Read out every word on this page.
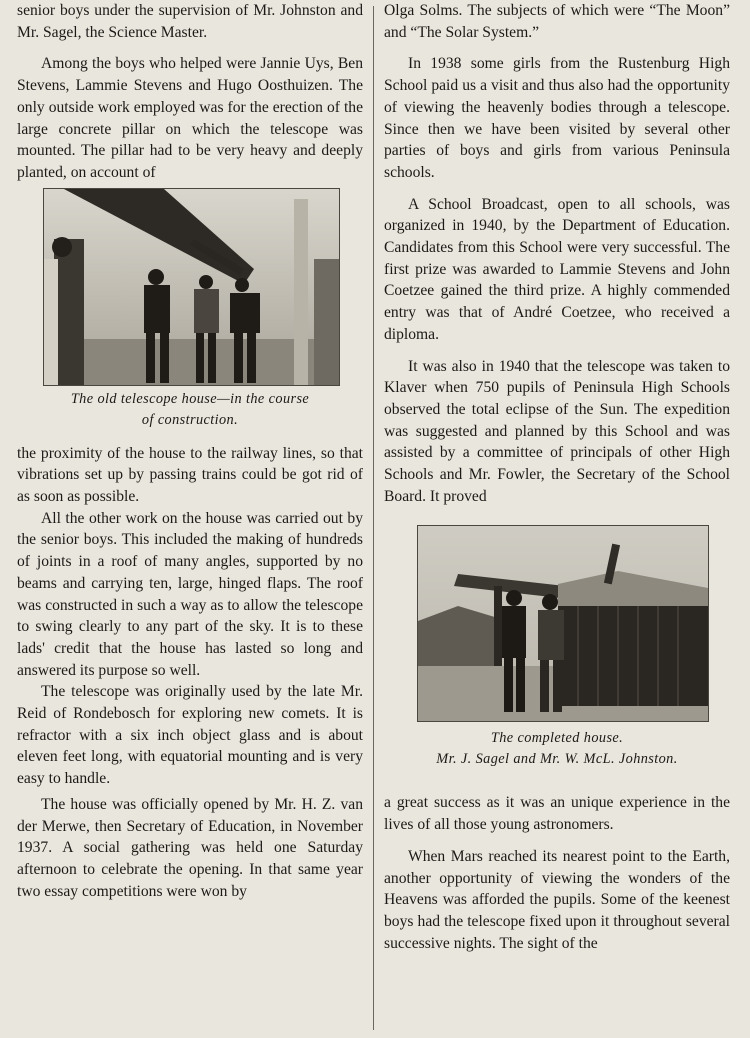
senior boys under the supervision of Mr. Johnston and Mr. Sagel, the Science Master.

Among the boys who helped were Jannie Uys, Ben Stevens, Lammie Stevens and Hugo Oosthuizen. The only outside work employed was for the erection of the large concrete pillar on which the telescope was mounted. The pillar had to be very heavy and deeply planted, on account of

The old telescope house—in the course

of construction.

the proximity of the house to the railway lines, so that vibrations set up by passing trains could be got rid of as soon as possible.

All the other work on the house was carried out by the senior boys. This included the making of hundreds of joints in a roof of many angles, supported by no beams and carrying ten, large, hinged flaps. The roof was constructed in such a way as to allow the telescope to swing clearly to any part of the sky. It is to these lads' credit that the house has lasted so long and answered its purpose so well.

The telescope was originally used by the late Mr. Reid of Rondebosch for exploring new comets. It is refractor with a six inch object glass and is about eleven feet long, with equatorial mounting and is very easy to handle.

The house was officially opened by Mr. H. Z. van der Merwe, then Secretary of Education, in November 1937. A social gathering was held one Saturday afternoon to celebrate the opening. In that same year two essay competitions were won by

Olga Solms. The subjects of which were “The Moon” and “The Solar System.”

In 1938 some girls from the Rustenburg High School paid us a visit and thus also had the opportunity of viewing the heavenly bodies through a telescope. Since then we have been visited by several other parties of boys and girls from various Peninsula schools.

A School Broadcast, open to all schools, was organized in 1940, by the Department of Education. Candidates from this School were very successful. The first prize was awarded to Lammie Stevens and John Coetzee gained the third prize. A highly commended entry was that of André Coetzee, who received a diploma.

It was also in 1940 that the telescope was taken to Klaver when 750 pupils of Peninsula High Schools observed the total eclipse of the Sun. The expedition was suggested and planned by this School and was assisted by a committee of principals of other High Schools and Mr. Fowler, the Secretary of the School Board. It proved

The completed house.

Mr. J. Sagel and Mr. W. McL. Johnston.

a great success as it was an unique experience in the lives of all those young astronomers.

When Mars reached its nearest point to the Earth, another opportunity of viewing the wonders of the Heavens was afforded the pupils. Some of the keenest boys had the telescope fixed upon it throughout several successive nights. The sight of the
